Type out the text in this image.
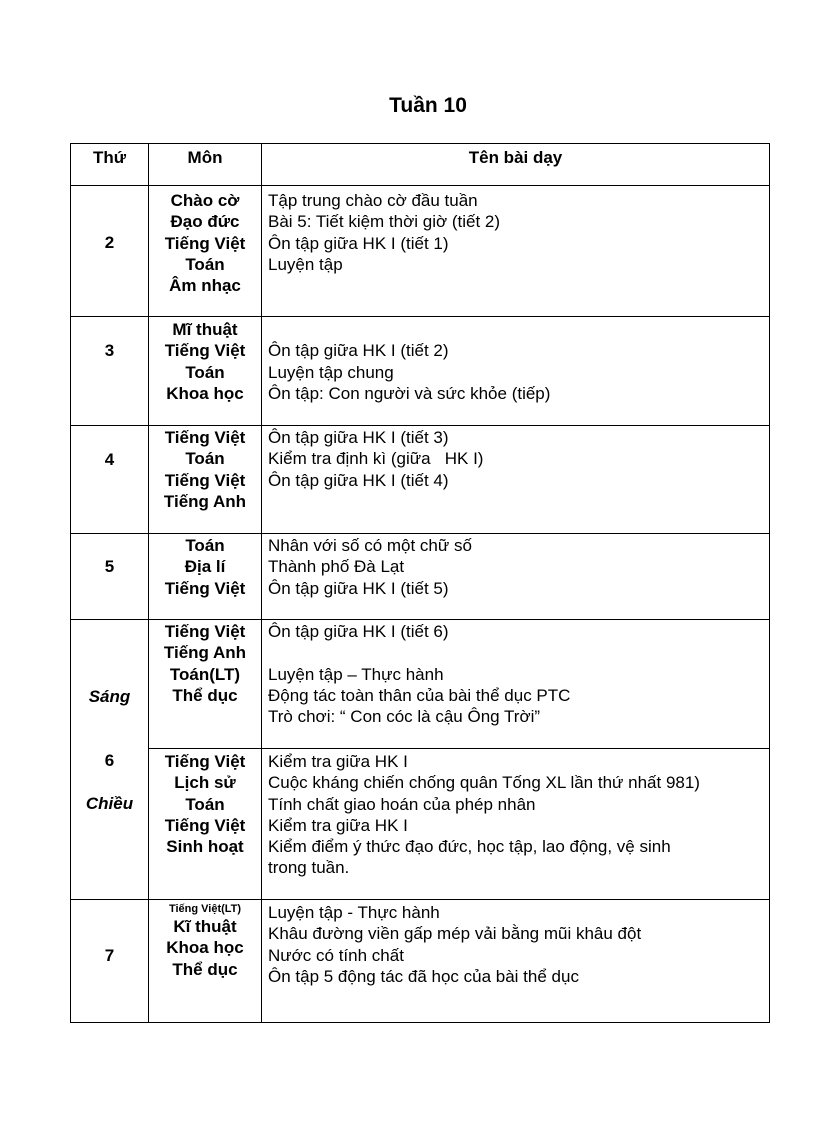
Tuần 10
Thứ	Môn	Tên bài dạy
2
Chào cờ
Đạo đức
Tiếng Việt
Toán
Âm nhạc
Tập trung chào cờ đầu tuần
Bài 5: Tiết kiệm thời giờ (tiết 2)
Ôn tập giữa HK I (tiết 1)
Luyện tập
3
Mĩ thuật
Tiếng Việt
Toán
Khoa học
Ôn tập giữa HK I (tiết 2)
Luyện tập chung
Ôn tập: Con người và sức khỏe (tiếp)
4
Tiếng Việt
Toán
Tiếng Việt
Tiếng Anh
Ôn tập giữa HK I (tiết 3)
Kiểm tra định kì (giữa   HK I)
Ôn tập giữa HK I (tiết 4)
5
Toán
Địa lí
Tiếng Việt
Nhân với số có một chữ số
Thành phố Đà Lạt
Ôn tập giữa HK I (tiết 5)
Sáng
6
Chiều
Tiếng Việt
Tiếng Anh
Toán(LT)
Thể dục
Ôn tập giữa HK I (tiết 6)
Luyện tập – Thực hành
Động tác toàn thân của bài thể dục PTC
Trò chơi: “ Con cóc là cậu Ông Trời”
Tiếng Việt
Lịch sử
Toán
Tiếng Việt
Sinh hoạt
Kiểm tra giữa HK I
Cuộc kháng chiến chống quân Tống XL lần thứ nhất 981)
Tính chất giao hoán của phép nhân
Kiểm tra giữa HK I
Kiểm điểm ý thức đạo đức, học tập, lao động, vệ sinh
trong tuần.
7
Tiếng Việt(LT)
Kĩ thuật
Khoa học
Thể dục
Luyện tập - Thực hành
Khâu đường viền gấp mép vải bằng mũi khâu đột
Nước có tính chất
Ôn tập 5 động tác đã học của bài thể dục
